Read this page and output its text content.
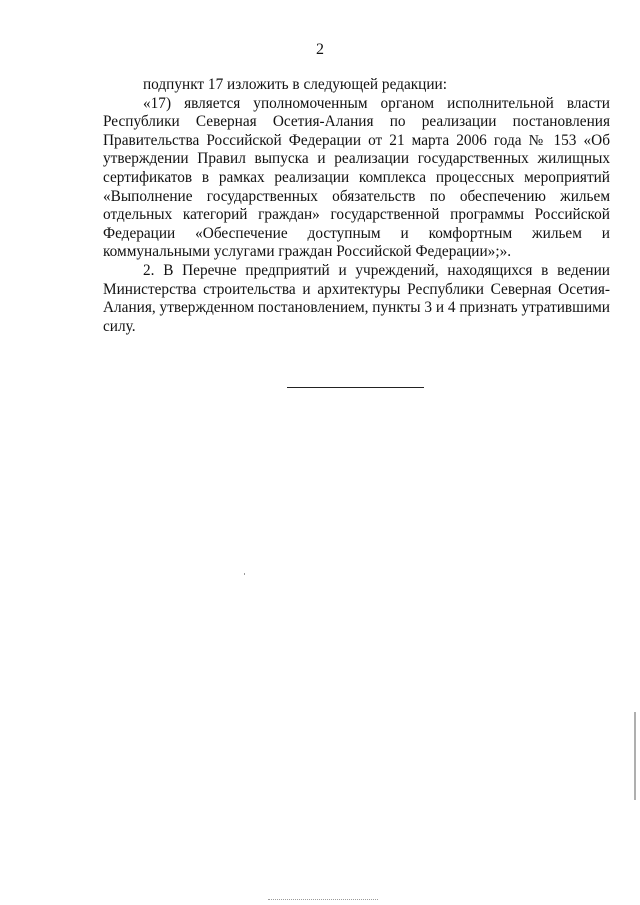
2

подпункт 17 изложить в следующей редакции:

«17) является уполномоченным органом исполнительной власти Республики Северная Осетия-Алания по реализации постановления Правительства Российской Федерации от 21 марта 2006 года № 153 «Об утверждении Правил выпуска и реализации государственных жилищных сертификатов в рамках реализации комплекса процессных мероприятий «Выполнение государственных обязательств по обеспечению жильем отдельных категорий граждан» государственной программы Российской Федерации «Обеспечение доступным и комфортным жильем и коммунальными услугами граждан Российской Федерации»;».

2. В Перечне предприятий и учреждений, находящихся в ведении Министерства строительства и архитектуры Республики Северная Осетия-Алания, утвержденном постановлением, пункты 3 и 4 признать утратившими силу.
